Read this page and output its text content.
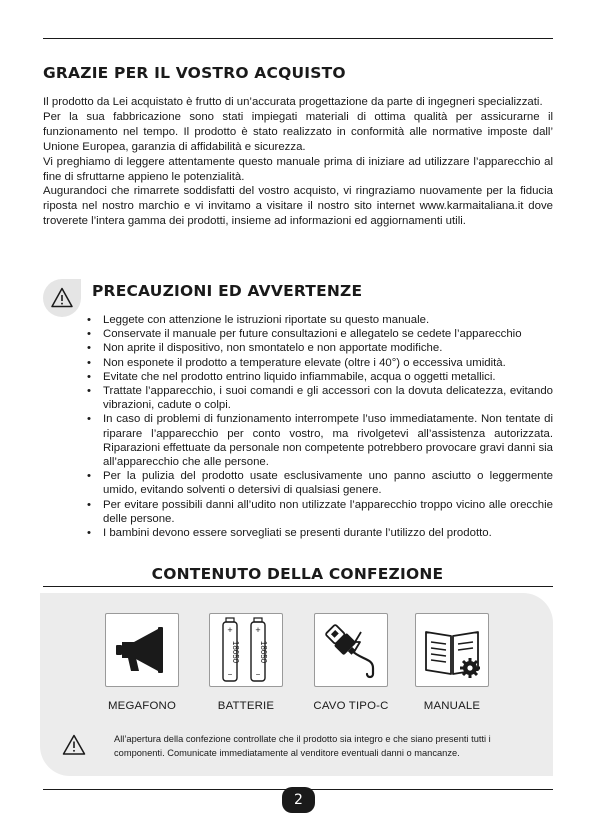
GRAZIE PER IL VOSTRO ACQUISTO

Il prodotto da Lei acquistato è frutto di un’accurata progettazione da parte di ingegneri specializzati.

Per la sua fabbricazione sono stati impiegati materiali di ottima qualità per assicurarne il funzionamento nel tempo. Il prodotto è stato realizzato in conformità alle normative imposte dall’ Unione Europea, garanzia di affidabilità e sicurezza.

Vi preghiamo di leggere attentamente questo manuale prima di iniziare ad utilizzare l’apparecchio al fine di sfruttarne appieno le potenzialità.

Augurandoci che rimarrete soddisfatti del vostro acquisto, vi ringraziamo nuovamente per la fiducia riposta nel nostro marchio e vi invitamo a visitare il nostro sito internet www.karmaitaliana.it dove troverete l’intera gamma dei prodotti, insieme ad informazioni ed aggiornamenti utili.

PRECAUZIONI ED AVVERTENZE
• Leggete con attenzione le istruzioni riportate su questo manuale.
• Conservate il manuale per future consultazioni e allegatelo se cedete l’apparecchio
• Non aprite il dispositivo, non smontatelo e non apportate modifiche.
• Non esponete il prodotto a temperature elevate (oltre i 40°) o eccessiva umidità.
• Evitate che nel prodotto entrino liquido infiammabile, acqua o oggetti metallici.
• Trattate l’apparecchio, i suoi comandi e gli accessori con la dovuta delicatezza, evitando vibrazioni, cadute o colpi.
• In caso di problemi di funzionamento interrompete l’uso immediatamente. Non tentate di riparare l’apparecchio per conto vostro, ma rivolgetevi all’assistenza autorizzata. Riparazioni effettuate da personale non competente potrebbero provocare gravi danni sia all’apparecchio che alle persone.
• Per la pulizia del prodotto usate esclusivamente uno panno asciutto o leggermente umido, evitando solventi o detersivi di qualsiasi genere.
• Per evitare possibili danni all’udito non utilizzate l’apparecchio troppo vicino alle orecchie delle persone.
• I bambini devono essere sorvegliati se presenti durante l’utilizzo del prodotto.
CONTENUTO DELLA CONFEZIONE
MEGAFONO
+	+
18650 18650
−	−
BATTERIE	CAVO TIPO-C	MANUALE
All’apertura della confezione controllate che il prodotto sia integro e che siano presenti tutti i componenti. Comunicate immediatamente al venditore eventuali danni o mancanze.
2
